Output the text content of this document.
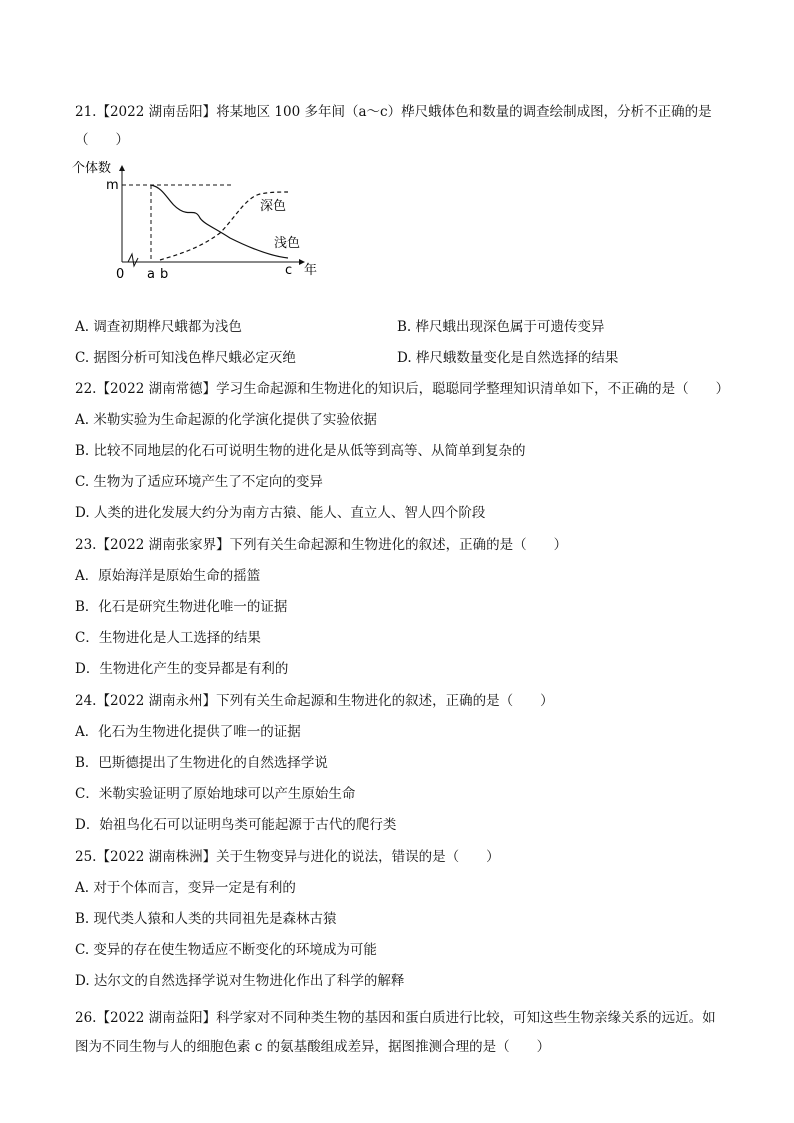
21.【2022 湖南岳阳】将某地区 100 多年间（a～c）桦尺蛾体色和数量的调查绘制成图，分析不正确的是
（　　）
个体数
m
0 a b	c 年
深色
浅色
A. 调查初期桦尺蛾都为浅色	B. 桦尺蛾出现深色属于可遗传变异
C. 据图分析可知浅色桦尺蛾必定灭绝	D. 桦尺蛾数量变化是自然选择的结果
22.【2022 湖南常德】学习生命起源和生物进化的知识后，聪聪同学整理知识清单如下，不正确的是（　　）
A. 米勒实验为生命起源的化学演化提供了实验依据
B. 比较不同地层的化石可说明生物的进化是从低等到高等、从简单到复杂的
C. 生物为了适应环境产生了不定向的变异
D. 人类的进化发展大约分为南方古猿、能人、直立人、智人四个阶段
23.【2022 湖南张家界】下列有关生命起源和生物进化的叙述，正确的是（　　）
A．原始海洋是原始生命的摇篮
B．化石是研究生物进化唯一的证据
C．生物进化是人工选择的结果
D．生物进化产生的变异都是有利的
24.【2022 湖南永州】下列有关生命起源和生物进化的叙述，正确的是（　　）
A．化石为生物进化提供了唯一的证据
B．巴斯德提出了生物进化的自然选择学说
C．米勒实验证明了原始地球可以产生原始生命
D．始祖鸟化石可以证明鸟类可能起源于古代的爬行类
25.【2022 湖南株洲】关于生物变异与进化的说法，错误的是（　　）
A. 对于个体而言，变异一定是有利的
B. 现代类人猿和人类的共同祖先是森林古猿
C. 变异的存在使生物适应不断变化的环境成为可能
D. 达尔文的自然选择学说对生物进化作出了科学的解释
26.【2022 湖南益阳】科学家对不同种类生物的基因和蛋白质进行比较，可知这些生物亲缘关系的远近。如图为不同生物与人的细胞色素 c 的氨基酸组成差异，据图推测合理的是（　　）
